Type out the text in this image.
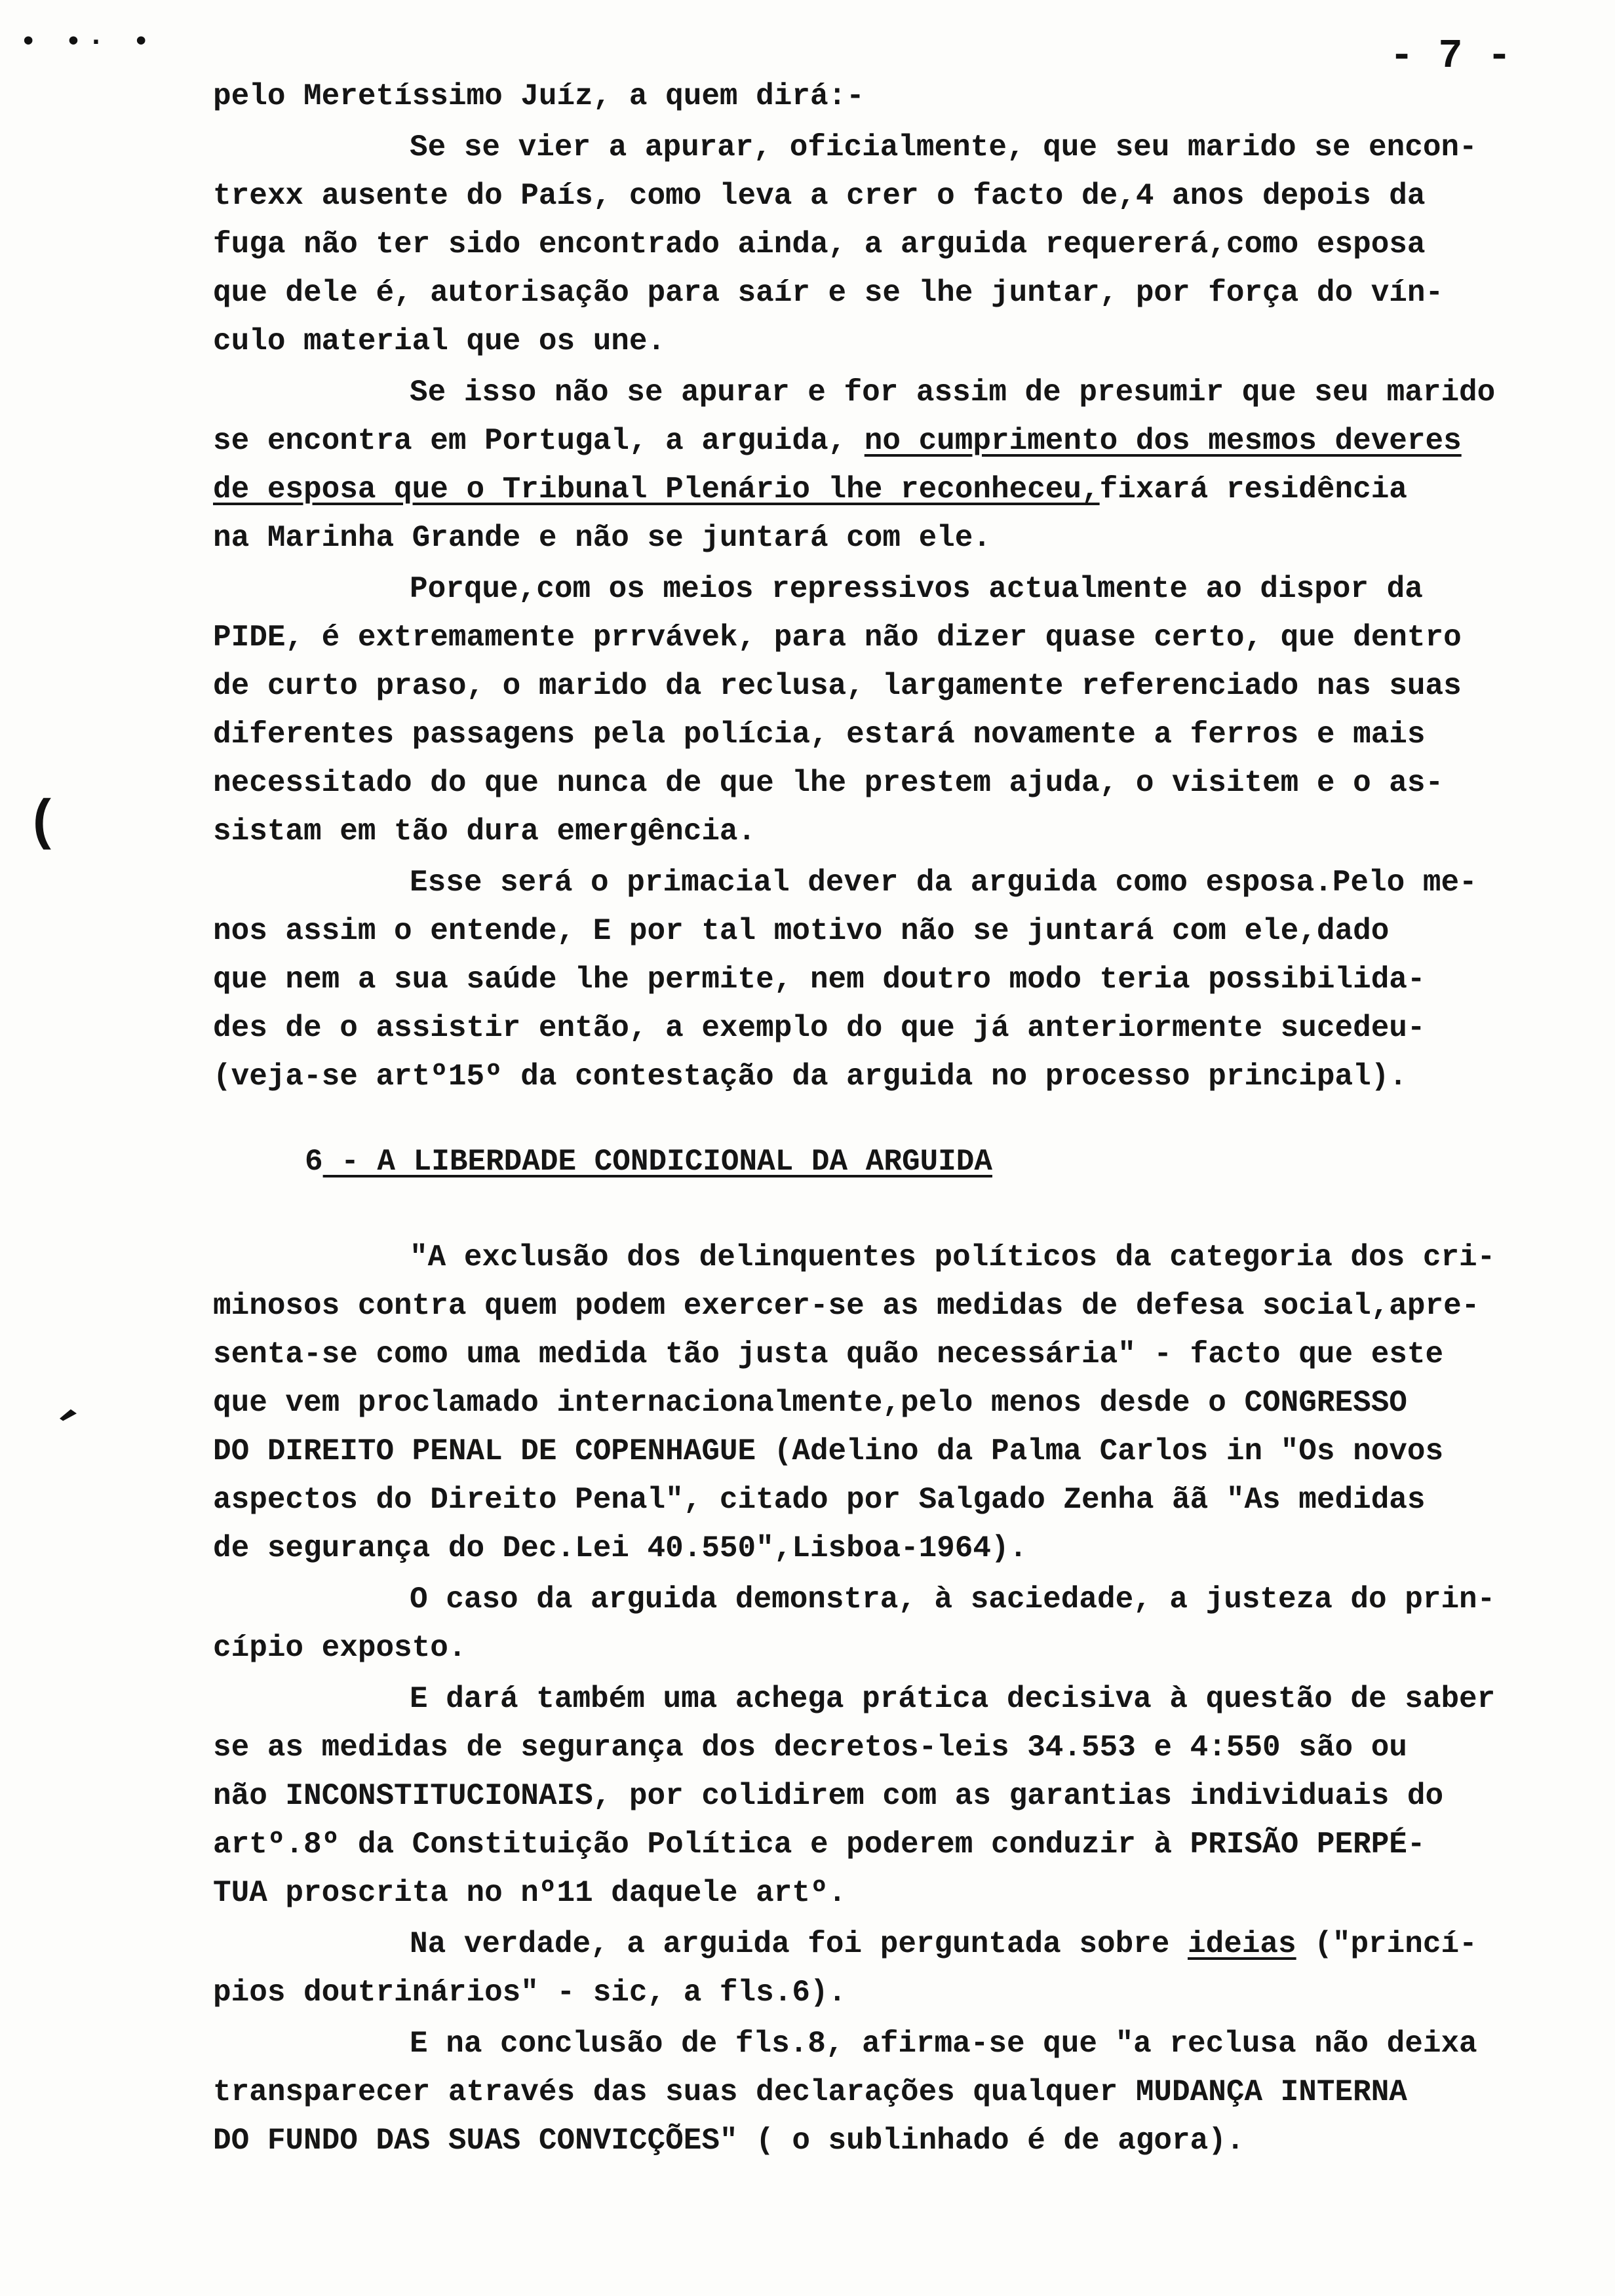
• •· •	- 7 -
(
’
pelo Meretíssimo Juíz, a quem dirá:-
Se se vier a apurar, oficialmente, que seu marido se encon-
trexx ausente do País, como leva a crer o facto de,4 anos depois da
fuga não ter sido encontrado ainda, a arguida requererá,como esposa
que dele é, autorisação para saír e se lhe juntar, por força do vín-
culo material que os une.
Se isso não se apurar e for assim de presumir que seu marido
se encontra em Portugal, a arguida, no cumprimento dos mesmos deveres
de esposa que o Tribunal Plenário lhe reconheceu,fixará residência
na Marinha Grande e não se juntará com ele.
Porque,com os meios repressivos actualmente ao dispor da
PIDE, é extremamente prrvávek, para não dizer quase certo, que dentro
de curto praso, o marido da reclusa, largamente referenciado nas suas
diferentes passagens pela polícia, estará novamente a ferros e mais
necessitado do que nunca de que lhe prestem ajuda, o visitem e o as-
sistam em tão dura emergência.
Esse será o primacial dever da arguida como esposa.Pelo me-
nos assim o entende, E por tal motivo não se juntará com ele,dado
que nem a sua saúde lhe permite, nem doutro modo teria possibilida-
des de o assistir então, a exemplo do que já anteriormente sucedeu-
(veja-se artº15º da contestação da arguida no processo principal).
6 - A LIBERDADE CONDICIONAL DA ARGUIDA
"A exclusão dos delinquentes políticos da categoria dos cri-
minosos contra quem podem exercer-se as medidas de defesa social,apre-
senta-se como uma medida tão justa quão necessária" - facto que este
que vem proclamado internacionalmente,pelo menos desde o CONGRESSO
DO DIREITO PENAL DE COPENHAGUE (Adelino da Palma Carlos in "Os novos
aspectos do Direito Penal", citado por Salgado Zenha ãã "As medidas
de segurança do Dec.Lei 40.550",Lisboa-1964).
O caso da arguida demonstra, à saciedade, a justeza do prin-
cípio exposto.
E dará também uma achega prática decisiva à questão de saber
se as medidas de segurança dos decretos-leis 34.553 e 4:550 são ou
não INCONSTITUCIONAIS, por colidirem com as garantias individuais do
artº.8º da Constituição Política e poderem conduzir à PRISÃO PERPÉ-
TUA proscrita no nº11 daquele artº.
Na verdade, a arguida foi perguntada sobre ideias ("princí-
pios doutrinários" - sic, a fls.6).
E na conclusão de fls.8, afirma-se que "a reclusa não deixa
transparecer através das suas declarações qualquer MUDANÇA INTERNA
DO FUNDO DAS SUAS CONVICÇÕES" ( o sublinhado é de agora).
